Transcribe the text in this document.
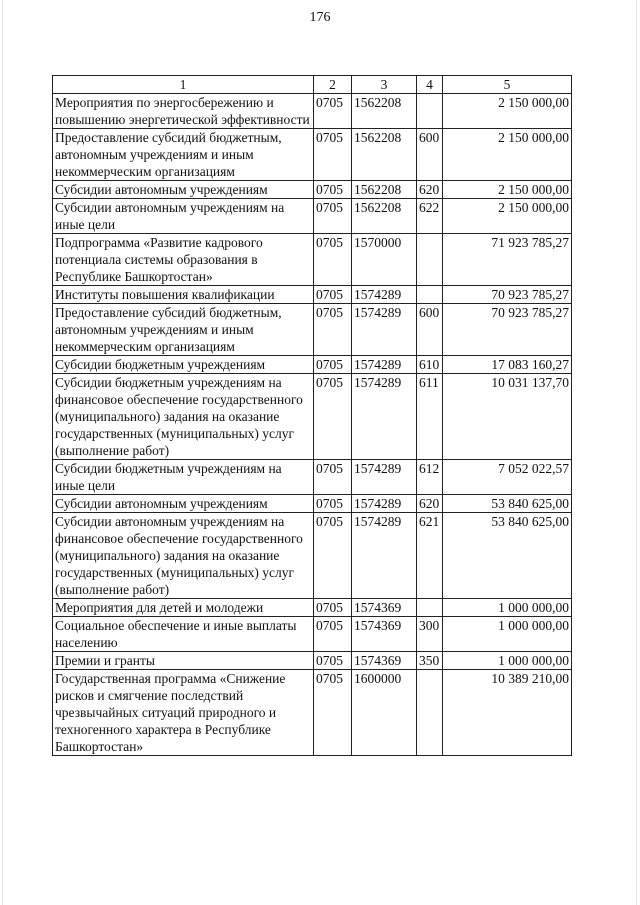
176
1	2	3	4	5
Мероприятия по энергосбережению и повышению энергетической эффективности	0705	1562208		2 150 000,00
Предоставление субсидий бюджетным, автономным учреждениям и иным некоммерческим организациям	0705	1562208	600	2 150 000,00
Субсидии автономным учреждениям	0705	1562208	620	2 150 000,00
Субсидии автономным учреждениям на иные цели	0705	1562208	622	2 150 000,00
Подпрограмма «Развитие кадрового потенциала системы образования в Республике Башкортостан»	0705	1570000		71 923 785,27
Институты повышения квалификации	0705	1574289		70 923 785,27
Предоставление субсидий бюджетным, автономным учреждениям и иным некоммерческим организациям	0705	1574289	600	70 923 785,27
Субсидии бюджетным учреждениям	0705	1574289	610	17 083 160,27
Субсидии бюджетным учреждениям на финансовое обеспечение государственного (муниципального) задания на оказание государственных (муниципальных) услуг (выполнение работ)	0705	1574289	611	10 031 137,70
Субсидии бюджетным учреждениям на иные цели	0705	1574289	612	7 052 022,57
Субсидии автономным учреждениям	0705	1574289	620	53 840 625,00
Субсидии автономным учреждениям на финансовое обеспечение государственного (муниципального) задания на оказание государственных (муниципальных) услуг (выполнение работ)	0705	1574289	621	53 840 625,00
Мероприятия для детей и молодежи	0705	1574369		1 000 000,00
Социальное обеспечение и иные выплаты населению	0705	1574369	300	1 000 000,00
Премии и гранты	0705	1574369	350	1 000 000,00
Государственная программа «Снижение рисков и смягчение последствий чрезвычайных ситуаций природного и техногенного характера в Республике Башкортостан»	0705	1600000		10 389 210,00
